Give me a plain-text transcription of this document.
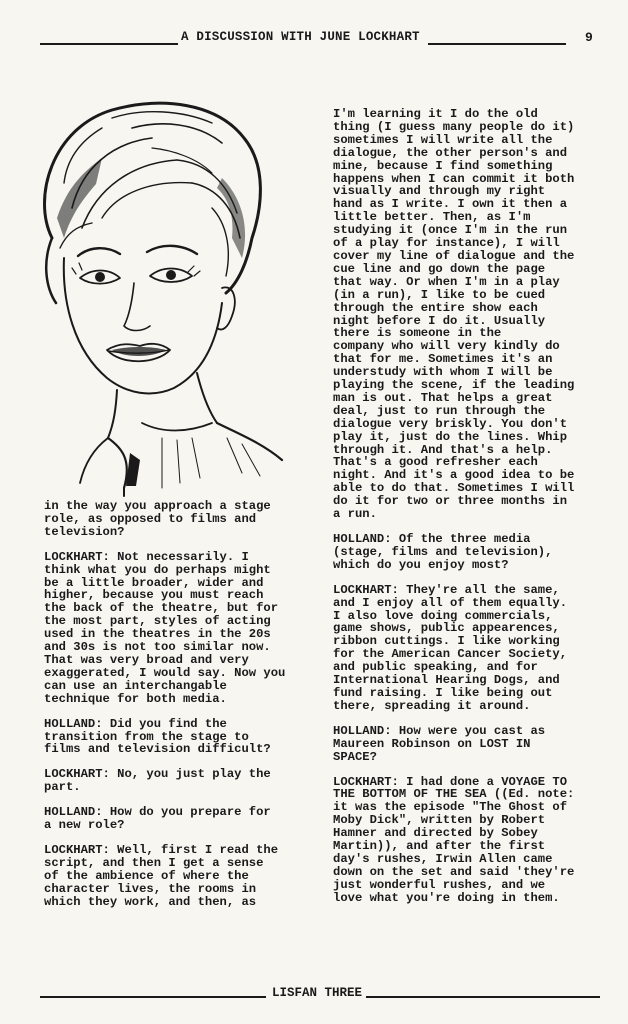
A DISCUSSION WITH JUNE LOCKHART	9

in the way you approach a stage
role, as opposed to films and
television?

LOCKHART: Not necessarily. I
think what you do perhaps might
be a little broader, wider and
higher, because you must reach
the back of the theatre, but for
the most part, styles of acting
used in the theatres in the 20s
and 30s is not too similar now.
That was very broad and very
exaggerated, I would say. Now you
can use an interchangable
technique for both media.

HOLLAND: Did you find the
transition from the stage to
films and television difficult?

LOCKHART: No, you just play the
part.

HOLLAND: How do you prepare for
a new role?

LOCKHART: Well, first I read the
script, and then I get a sense
of the ambience of where the
character lives, the rooms in
which they work, and then, as

I'm learning it I do the old
thing (I guess many people do it)
sometimes I will write all the
dialogue, the other person's and
mine, because I find something
happens when I can commit it both
visually and through my right
hand as I write. I own it then a
little better. Then, as I'm
studying it (once I'm in the run
of a play for instance), I will
cover my line of dialogue and the
cue line and go down the page
that way. Or when I'm in a play
(in a run), I like to be cued
through the entire show each
night before I do it. Usually
there is someone in the
company who will very kindly do
that for me. Sometimes it's an
understudy with whom I will be
playing the scene, if the leading
man is out. That helps a great
deal, just to run through the
dialogue very briskly. You don't
play it, just do the lines. Whip
through it. And that's a help.
That's a good refresher each
night. And it's a good idea to be
able to do that. Sometimes I will
do it for two or three months in
a run.

HOLLAND: Of the three media
(stage, films and television),
which do you enjoy most?

LOCKHART: They're all the same,
and I enjoy all of them equally.
I also love doing commercials,
game shows, public appearences,
ribbon cuttings. I like working
for the American Cancer Society,
and public speaking, and for
International Hearing Dogs, and
fund raising. I like being out
there, spreading it around.

HOLLAND: How were you cast as
Maureen Robinson on LOST IN
SPACE?

LOCKHART: I had done a VOYAGE TO
THE BOTTOM OF THE SEA ((Ed. note:
it was the episode "The Ghost of
Moby Dick", written by Robert
Hamner and directed by Sobey
Martin)), and after the first
day's rushes, Irwin Allen came
down on the set and said 'they're
just wonderful rushes, and we
love what you're doing in them.

LISFAN THREE
